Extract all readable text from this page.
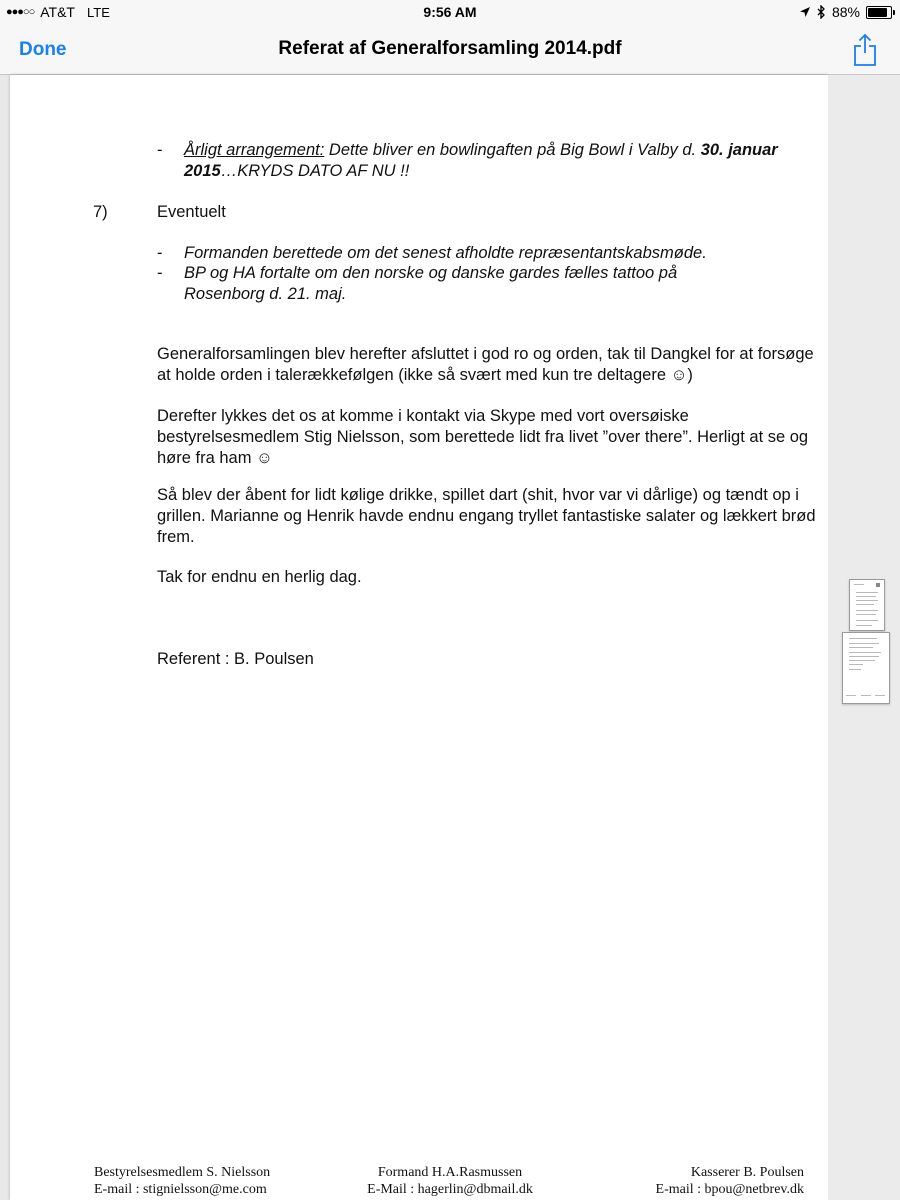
●●●○○ AT&T LTE	9:56 AM	88%
Done	Referat af Generalforsamling 2014.pdf
- Årligt arrangement: Dette bliver en bowlingaften på Big Bowl i Valby d. 30. januar 2015…KRYDS DATO AF NU !!
7)	Eventuelt
- Formanden berettede om det senest afholdte repræsentantskabsmøde.
- BP og HA fortalte om den norske og danske gardes fælles tattoo på Rosenborg d. 21. maj.
Generalforsamlingen blev herefter afsluttet i god ro og orden, tak til Dangkel for at forsøge at holde orden i talerækkefølgen (ikke så svært med kun tre deltagere ☺)
Derefter lykkes det os at komme i kontakt via Skype med vort oversøiske bestyrelsesmedlem Stig Nielsson, som berettede lidt fra livet ”over there”. Herligt at se og høre fra ham ☺
Så blev der åbent for lidt kølige drikke, spillet dart (shit, hvor var vi dårlige) og tændt op i grillen. Marianne og Henrik havde endnu engang tryllet fantastiske salater og lækkert brød frem.
Tak for endnu en herlig dag.
Referent : B. Poulsen
Bestyrelsesmedlem S. Nielsson
E-mail : stignielsson@me.com
Formand H.A.Rasmussen
E-Mail : hagerlin@dbmail.dk
Kasserer B. Poulsen
E-mail : bpou@netbrev.dk
